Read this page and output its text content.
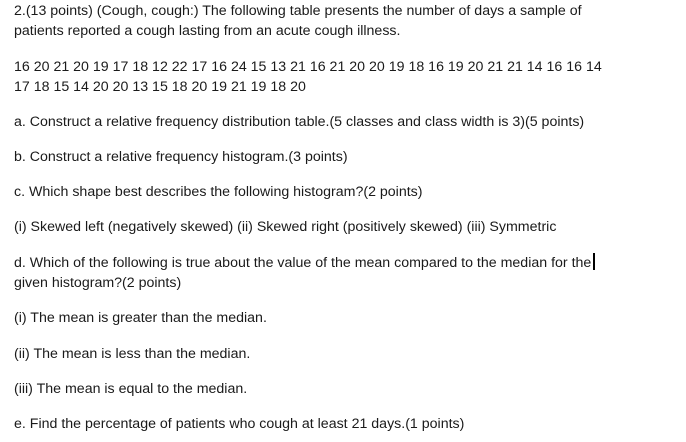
2.(13 points) (Cough, cough:) The following table presents the number of days a sample of

patients reported a cough lasting from an acute cough illness.

16 20 21 20 19 17 18 12 22 17 16 24 15 13 21 16 21 20 20 19 18 16 19 20 21 21 14 16 16 14

17 18 15 14 20 20 13 15 18 20 19 21 19 18 20

a. Construct a relative frequency distribution table.(5 classes and class width is 3)(5 points)

b. Construct a relative frequency histogram.(3 points)

c. Which shape best describes the following histogram?(2 points)

(i) Skewed left (negatively skewed) (ii) Skewed right (positively skewed) (iii) Symmetric

d. Which of the following is true about the value of the mean compared to the median for the

given histogram?(2 points)

(i) The mean is greater than the median.

(ii) The mean is less than the median.

(iii) The mean is equal to the median.

e. Find the percentage of patients who cough at least 21 days.(1 points)
